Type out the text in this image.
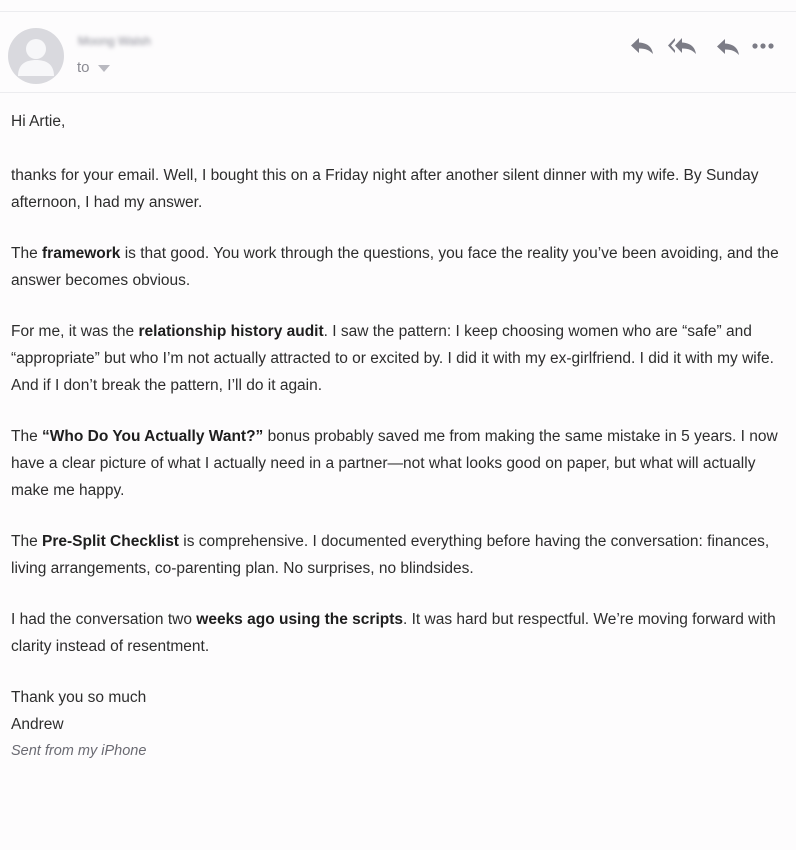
Moong Walsh
to

Hi Artie,

thanks for your email. Well, I bought this on a Friday night after another silent dinner with my wife. By Sunday afternoon, I had my answer.

The framework is that good. You work through the questions, you face the reality you’ve been avoiding, and the answer becomes obvious.

For me, it was the relationship history audit. I saw the pattern: I keep choosing women who are “safe” and “appropriate” but who I’m not actually attracted to or excited by. I did it with my ex-girlfriend. I did it with my wife. And if I don’t break the pattern, I’ll do it again.

The “Who Do You Actually Want?” bonus probably saved me from making the same mistake in 5 years. I now have a clear picture of what I actually need in a partner—not what looks good on paper, but what will actually make me happy.

The Pre-Split Checklist is comprehensive. I documented everything before having the conversation: finances, living arrangements, co-parenting plan. No surprises, no blindsides.

I had the conversation two weeks ago using the scripts. It was hard but respectful. We’re moving forward with clarity instead of resentment.

Thank you so much

Andrew

Sent from my iPhone
